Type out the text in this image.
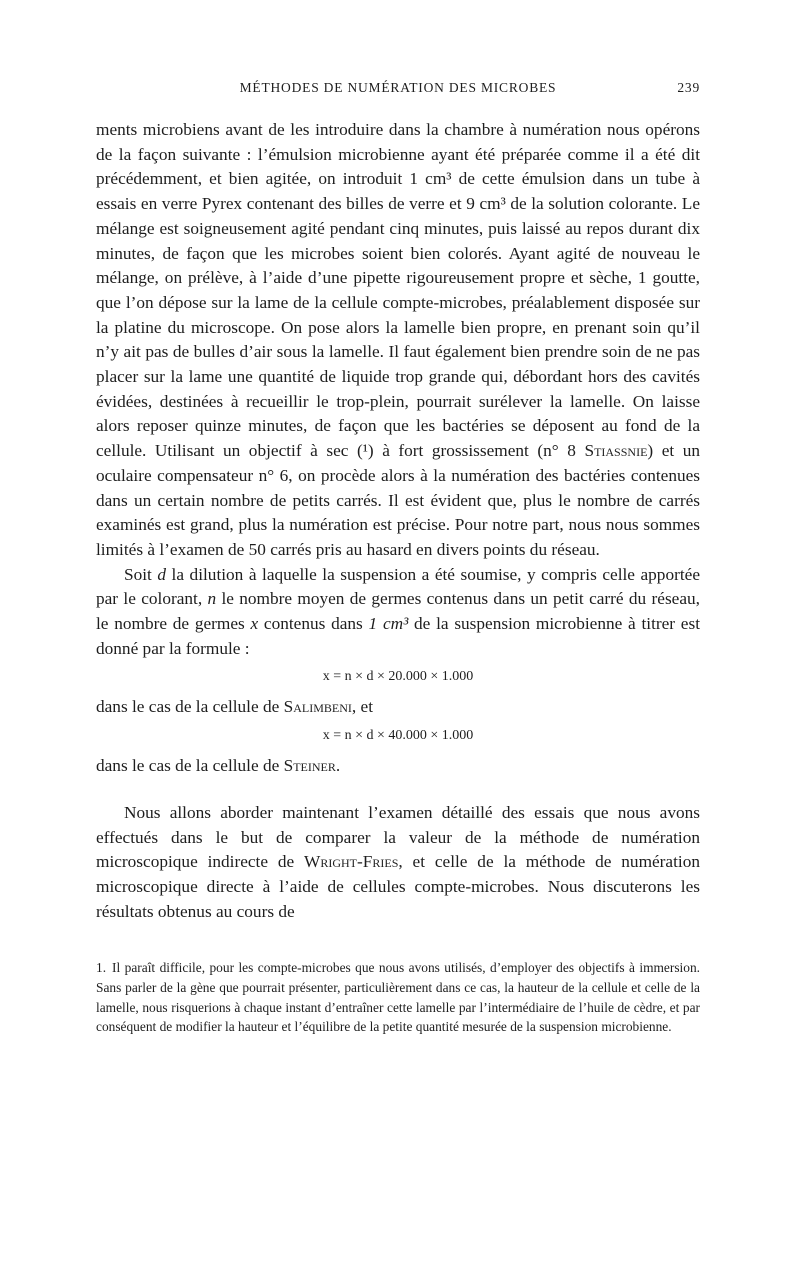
MÉTHODES DE NUMÉRATION DES MICROBES	239

ments microbiens avant de les introduire dans la chambre à numération nous opérons de la façon suivante : l’émulsion microbienne ayant été préparée comme il a été dit précédemment, et bien agitée, on introduit 1 cm³ de cette émulsion dans un tube à essais en verre Pyrex contenant des billes de verre et 9 cm³ de la solution colorante. Le mélange est soigneusement agité pendant cinq minutes, puis laissé au repos durant dix minutes, de façon que les microbes soient bien colorés. Ayant agité de nouveau le mélange, on prélève, à l’aide d’une pipette rigoureusement propre et sèche, 1 goutte, que l’on dépose sur la lame de la cellule compte-microbes, préalablement disposée sur la platine du microscope. On pose alors la lamelle bien propre, en prenant soin qu’il n’y ait pas de bulles d’air sous la lamelle. Il faut également bien prendre soin de ne pas placer sur la lame une quantité de liquide trop grande qui, débordant hors des cavités évidées, destinées à recueillir le trop-plein, pourrait surélever la lamelle. On laisse alors reposer quinze minutes, de façon que les bactéries se déposent au fond de la cellule. Utilisant un objectif à sec (¹) à fort grossissement (n° 8 Stiassnie) et un oculaire compensateur n° 6, on procède alors à la numération des bactéries contenues dans un certain nombre de petits carrés. Il est évident que, plus le nombre de carrés examinés est grand, plus la numération est précise. Pour notre part, nous nous sommes limités à l’examen de 50 carrés pris au hasard en divers points du réseau.

Soit d la dilution à laquelle la suspension a été soumise, y compris celle apportée par le colorant, n le nombre moyen de germes contenus dans un petit carré du réseau, le nombre de germes x contenus dans 1 cm³ de la suspension microbienne à titrer est donné par la formule :

x = n × d × 20.000 × 1.000

dans le cas de la cellule de Salimbeni, et

x = n × d × 40.000 × 1.000

dans le cas de la cellule de Steiner.

Nous allons aborder maintenant l’examen détaillé des essais que nous avons effectués dans le but de comparer la valeur de la méthode de numération microscopique indirecte de Wright-Fries, et celle de la méthode de numération microscopique directe à l’aide de cellules compte-microbes. Nous discuterons les résultats obtenus au cours de

1. Il paraît difficile, pour les compte-microbes que nous avons utilisés, d’employer des objectifs à immersion. Sans parler de la gène que pourrait présenter, particulièrement dans ce cas, la hauteur de la cellule et celle de la lamelle, nous risquerions à chaque instant d’entraîner cette lamelle par l’intermédiaire de l’huile de cèdre, et par conséquent de modifier la hauteur et l’équilibre de la petite quantité mesurée de la suspension microbienne.
